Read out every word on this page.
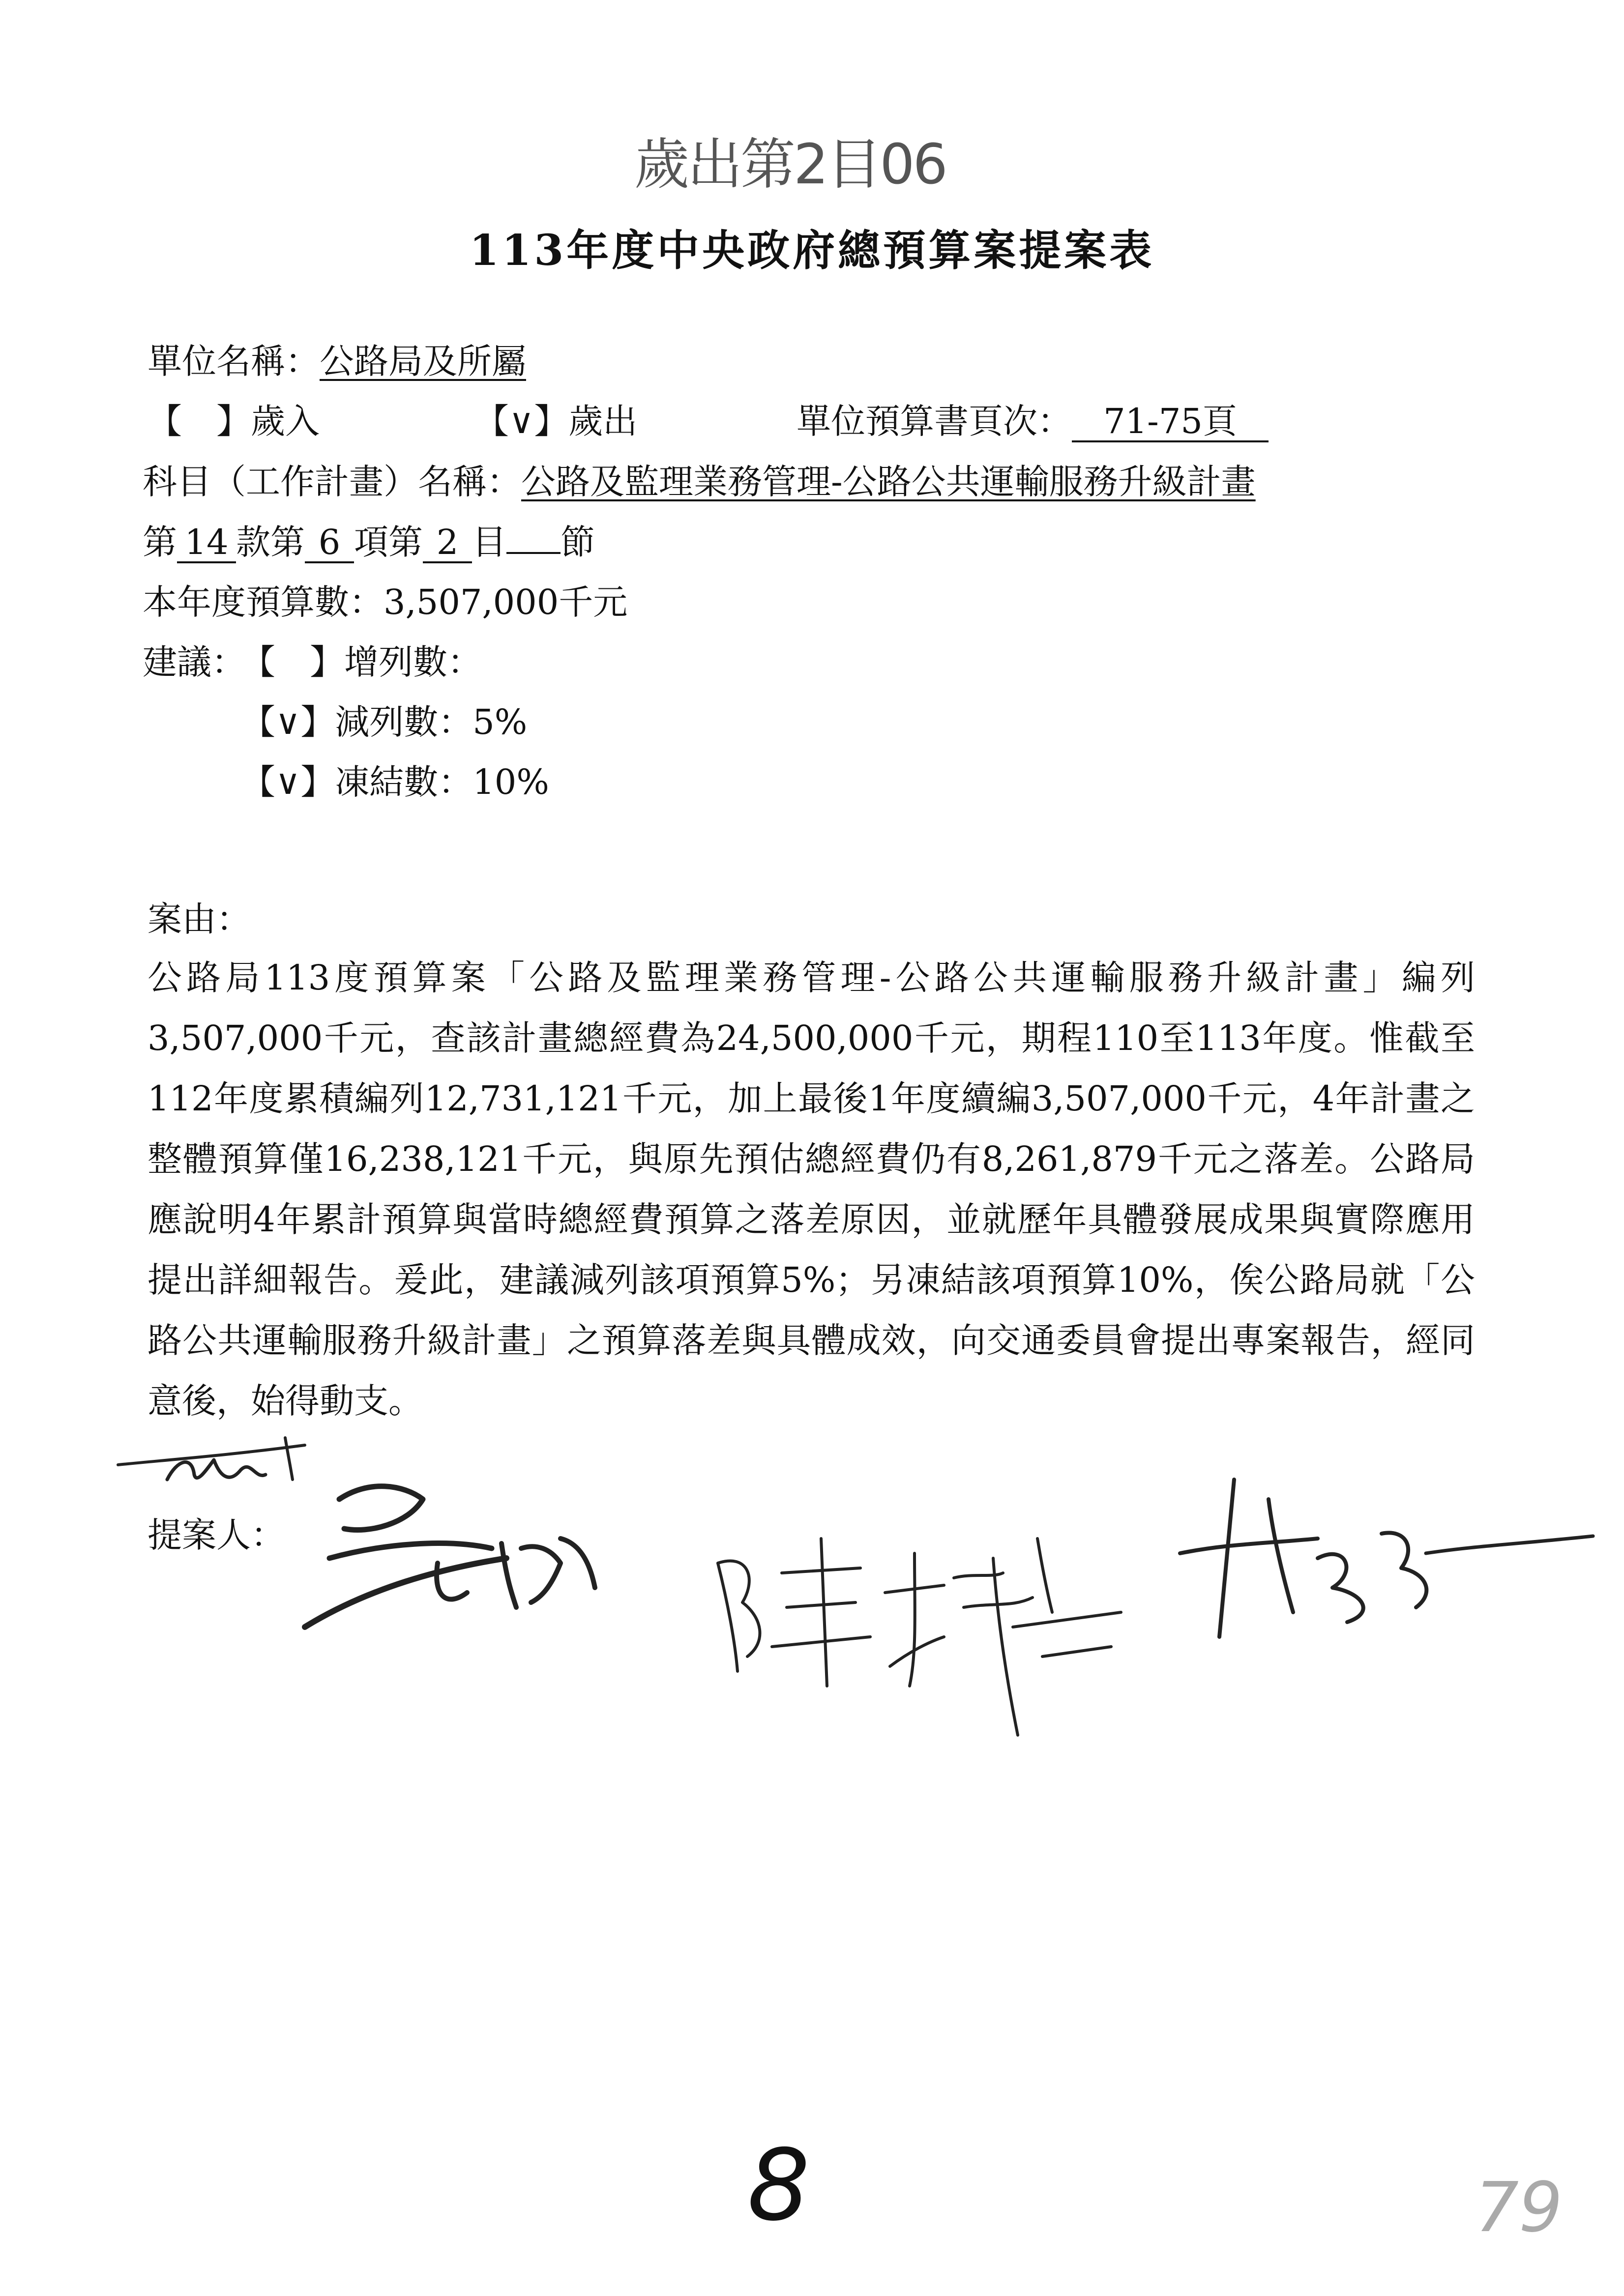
歲出第2目06
113年度中央政府總預算案提案表
單位名稱：公路局及所屬
【　】歲入	【∨】歲出	單位預算書頁次： 71-75頁
科目（工作計畫）名稱：公路及監理業務管理-公路公共運輸服務升級計畫
第 14 款第 6 項第 2 目 節
本年度預算數：3,507,000千元
建議：
【　】增列數：
【∨】減列數：5%
【∨】凍結數：10%
案由：
公路局113度預算案「公路及監理業務管理-公路公共運輸服務升級計畫」編列3,507,000千元，查該計畫總經費為24,500,000千元，期程110至113年度。惟截至112年度累積編列12,731,121千元，加上最後1年度續編3,507,000千元，4年計畫之整體預算僅16,238,121千元，與原先預估總經費仍有8,261,879千元之落差。公路局應說明4年累計預算與當時總經費預算之落差原因，並就歷年具體發展成果與實際應用提出詳細報告。爰此，建議減列該項預算5%；另凍結該項預算10%，俟公路局就「公路公共運輸服務升級計畫」之預算落差與具體成效，向交通委員會提出專案報告，經同意後，始得動支。
提案人：
8	79
